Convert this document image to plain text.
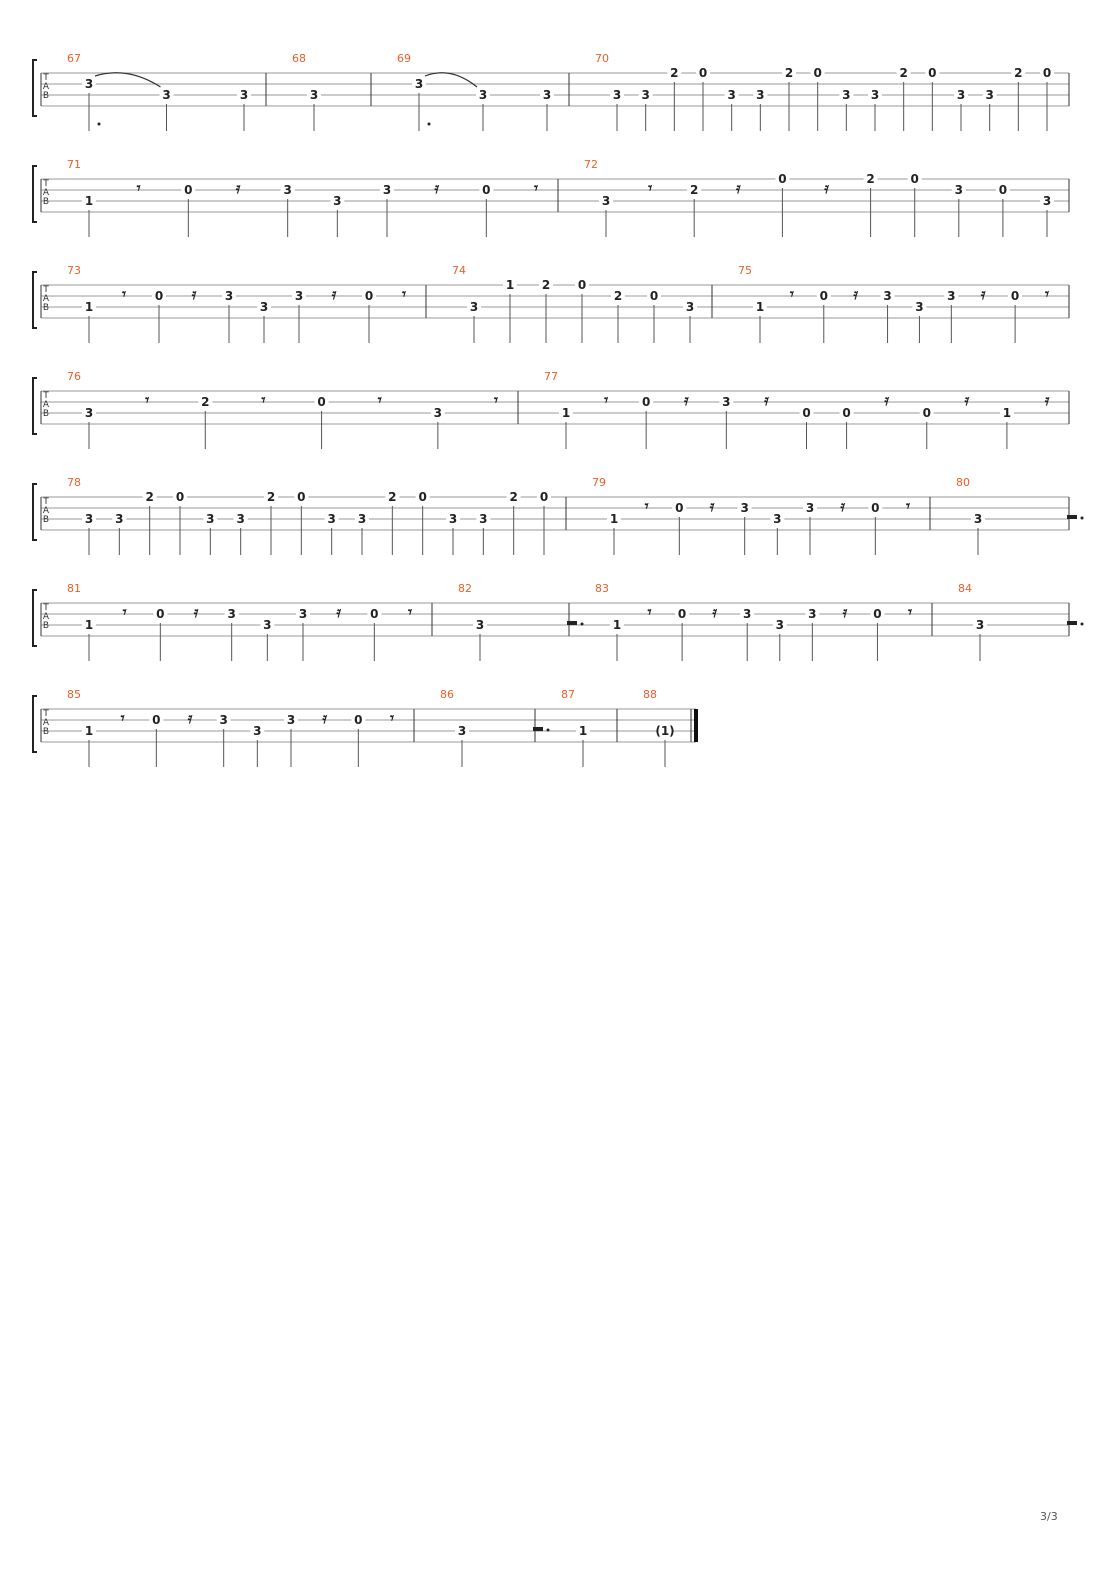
T
A
B
67
3
3	3
68
3
69
3
3	3
70
3 3
2 0
3 3
2 0
3 3
2 0
3 3
2 0
T
A
B
71
1
𝄾	0	𝄿	3
3
3	𝄿	0	𝄾
72
3
𝄾	2	𝄿	0	𝄿	2	0
3	0
3
T
A
B
73
1
𝄾 0 𝄿 3
3
3 𝄿 0 𝄾
74
3
1 2 0
2 0
3
75
1
𝄾 0 𝄿 3
3
3 𝄿 0 𝄾
T
A
B
76
3
𝄾	2	𝄾	0	𝄾
3
𝄾
77
1
𝄾	0 𝄿	3 𝄿
0	0
𝄿
0
𝄿
1
𝄿
T
A
B
78
3 3
2 0
3 3
2 0
3 3
2 0
3 3
2 0
79
1
𝄾 0 𝄿 3
3
3 𝄿 0 𝄾
80
3
T
A
B
81
1
𝄾 0 𝄿 3
3
3 𝄿 0 𝄾
82
3
83
1
𝄾 0 𝄿 3
3
3 𝄿 0 𝄾
84
3
T
A
B
85
1
𝄾 0 𝄿 3
3
3 𝄿 0 𝄾
86
3
87
1
88
(1)
3/3
